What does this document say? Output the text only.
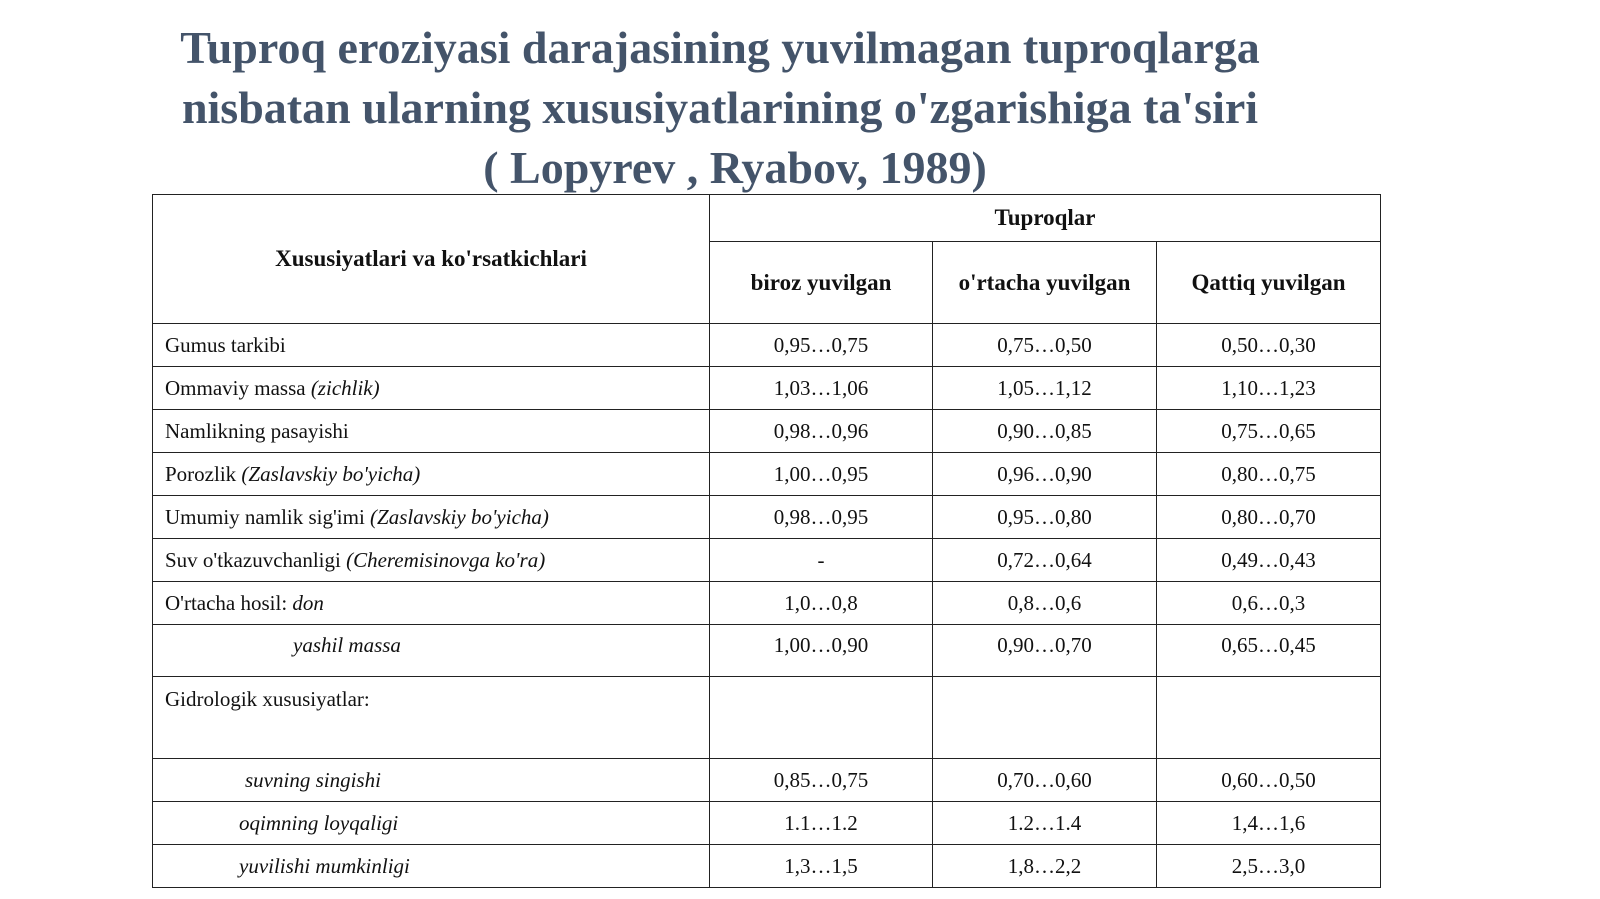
Tuproq eroziyasi darajasining yuvilmagan tuproqlarga
nisbatan ularning xususiyatlarining o'zgarishiga ta'siri
( Lopyrev , Ryabov, 1989)
Xususiyatlari va ko'rsatkichlari	Tuproqlar		
	biroz yuvilgan	o'rtacha yuvilgan	Qattiq yuvilgan
Gumus tarkibi	0,95…0,75	0,75…0,50	0,50…0,30
Ommaviy massa (zichlik)	1,03…1,06	1,05…1,12	1,10…1,23
Namlikning pasayishi	0,98…0,96	0,90…0,85	0,75…0,65
Porozlik (Zaslavskiy bo'yicha)	1,00…0,95	0,96…0,90	0,80…0,75
Umumiy namlik sig'imi (Zaslavskiy bo'yicha)	0,98…0,95	0,95…0,80	0,80…0,70
Suv o'tkazuvchanligi (Cheremisinovga ko'ra)	-	0,72…0,64	0,49…0,43
O'rtacha hosil: don	1,0…0,8	0,8…0,6	0,6…0,3
yashil massa	1,00…0,90	0,90…0,70	0,65…0,45
Gidrologik xususiyatlar:			
suvning singishi	0,85…0,75	0,70…0,60	0,60…0,50
oqimning loyqaligi	1.1…1.2	1.2…1.4	1,4…1,6
yuvilishi mumkinligi	1,3…1,5	1,8…2,2	2,5…3,0
